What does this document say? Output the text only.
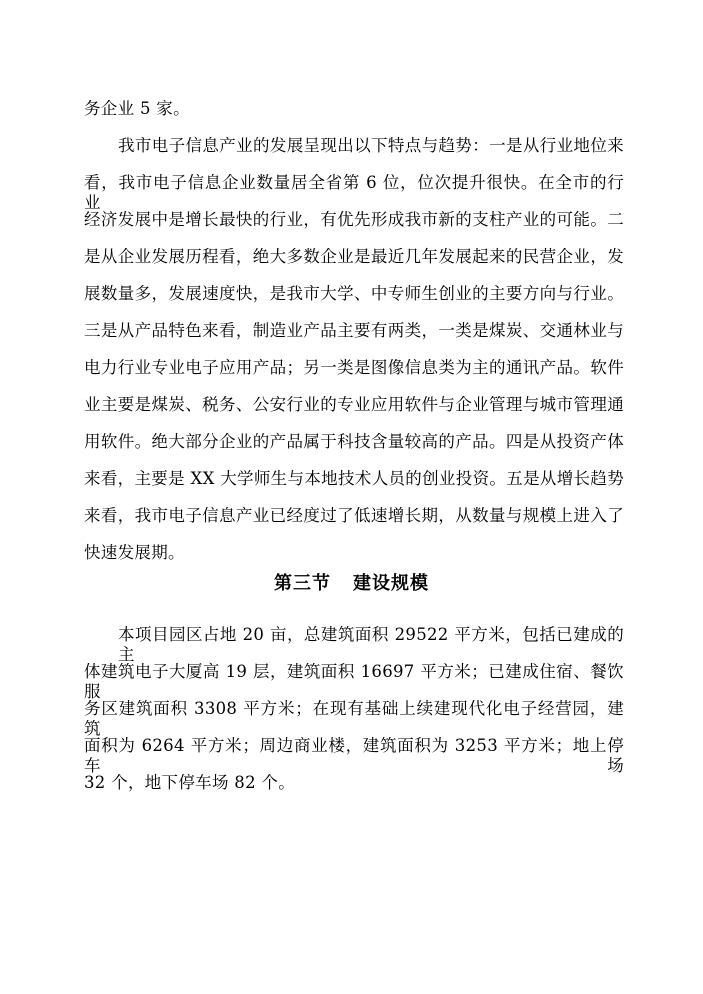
务企业 5 家。
我市电子信息产业的发展呈现出以下特点与趋势：一是从行业地位来
看，我市电子信息企业数量居全省第 6 位，位次提升很快。在全市的行业
经济发展中是增长最快的行业，有优先形成我市新的支柱产业的可能。二
是从企业发展历程看，绝大多数企业是最近几年发展起来的民营企业，发
展数量多，发展速度快，是我市大学、中专师生创业的主要方向与行业。
三是从产品特色来看，制造业产品主要有两类，一类是煤炭、交通林业与
电力行业专业电子应用产品；另一类是图像信息类为主的通讯产品。软件
业主要是煤炭、税务、公安行业的专业应用软件与企业管理与城市管理通
用软件。绝大部分企业的产品属于科技含量较高的产品。四是从投资产体
来看，主要是 XX 大学师生与本地技术人员的创业投资。五是从增长趋势
来看，我市电子信息产业已经度过了低速增长期，从数量与规模上进入了
快速发展期。
第三节 建设规模
本项目园区占地 20 亩，总建筑面积 29522 平方米，包括已建成的主
体建筑电子大厦高 19 层，建筑面积 16697 平方米；已建成住宿、餐饮服
务区建筑面积 3308 平方米；在现有基础上续建现代化电子经营园，建筑
面积为 6264 平方米；周边商业楼，建筑面积为 3253 平方米；地上停车场
32 个，地下停车场 82 个。
